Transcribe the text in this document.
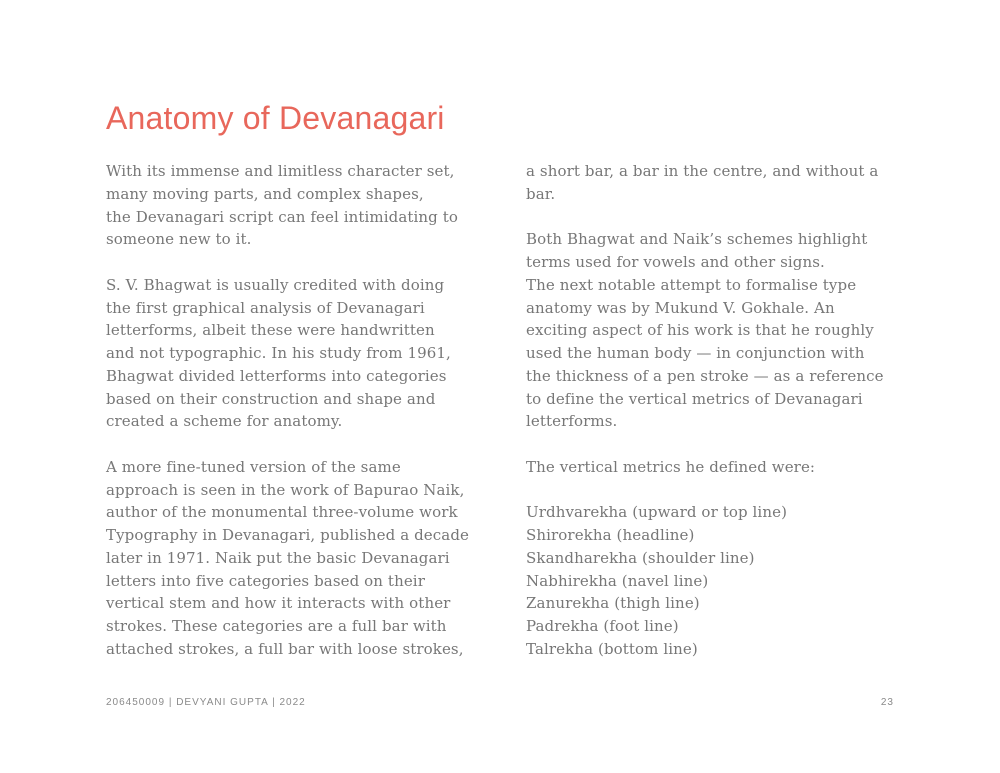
Anatomy of Devanagari

With its immense and limitless character set,
many moving parts, and complex shapes,
the Devanagari script can feel intimidating to
someone new to it.

S. V. Bhagwat is usually credited with doing
the first graphical analysis of Devanagari
letterforms, albeit these were handwritten
and not typographic. In his study from 1961,
Bhagwat divided letterforms into categories
based on their construction and shape and
created a scheme for anatomy.

A more fine-tuned version of the same
approach is seen in the work of Bapurao Naik,
author of the monumental three-volume work
Typography in Devanagari, published a decade
later in 1971. Naik put the basic Devanagari
letters into five categories based on their
vertical stem and how it interacts with other
strokes. These categories are a full bar with
attached strokes, a full bar with loose strokes,

a short bar, a bar in the centre, and without a
bar.

Both Bhagwat and Naik’s schemes highlight
terms used for vowels and other signs.

The next notable attempt to formalise type
anatomy was by Mukund V. Gokhale. An
exciting aspect of his work is that he roughly
used the human body — in conjunction with
the thickness of a pen stroke — as a reference
to define the vertical metrics of Devanagari
letterforms.

The vertical metrics he defined were:

Urdhvarekha (upward or top line)
Shirorekha (headline)
Skandharekha (shoulder line)
Nabhirekha (navel line)
Zanurekha (thigh line)
Padrekha (foot line)
Talrekha (bottom line)
206450009 | DEVYANI GUPTA | 2022	23
